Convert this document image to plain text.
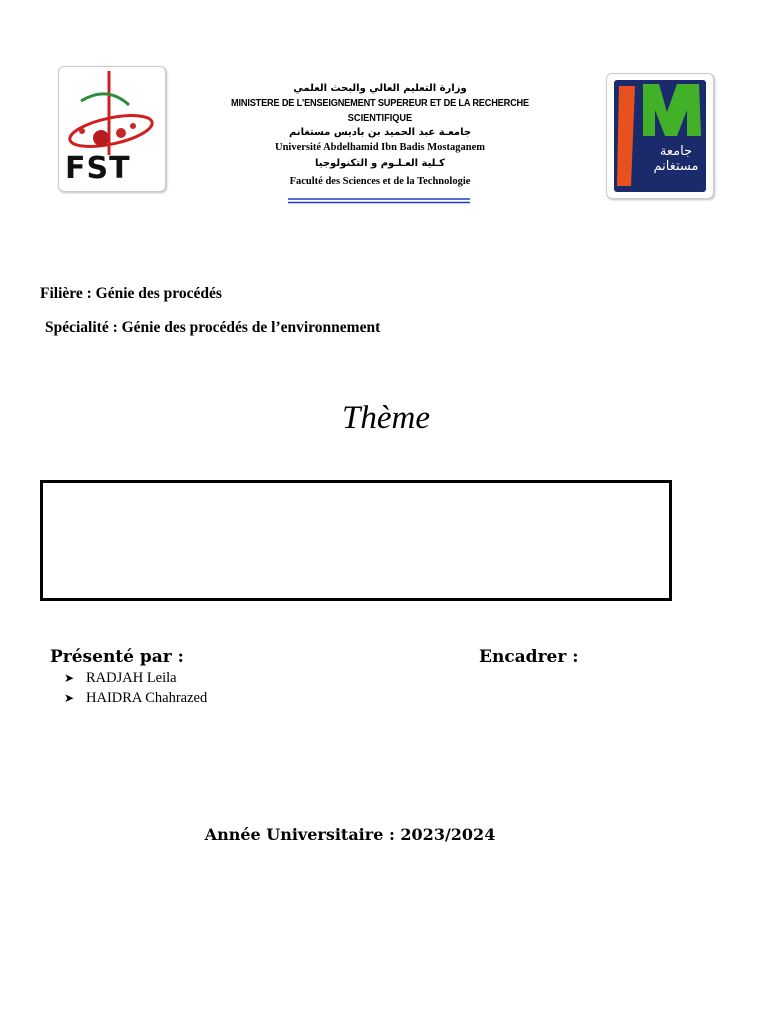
FST	جامعة مستغانم
وزارة التعليم العالي والبحث العلمي
MINISTERE DE L'ENSEIGNEMENT SUPEREUR ET DE LA RECHERCHE
SCIENTIFIQUE
جامعـة عبد الحميد بن باديس مستغانم
Université Abdelhamid Ibn Badis Mostaganem
كـلية العـلـوم و التكنولوجيا
Faculté des Sciences et de la Technologie
Filière : Génie des procédés
Spécialité : Génie des procédés de l’environnement
Thème
Présenté par :	Encadrer :
➤ RADJAH Leila
➤ HAIDRA Chahrazed
Année Universitaire : 2023/2024
